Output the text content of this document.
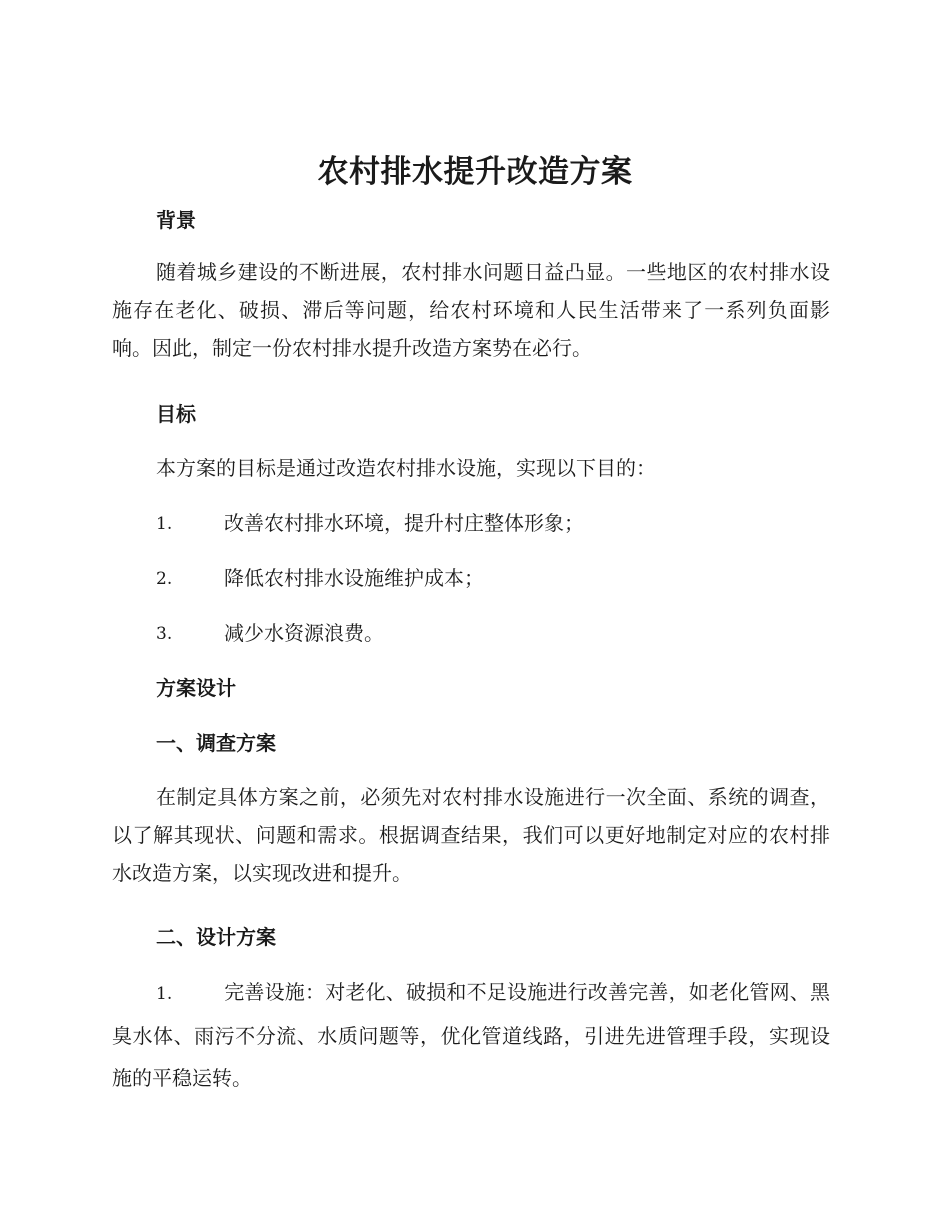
农村排水提升改造方案
背景
随着城乡建设的不断进展，农村排水问题日益凸显。一些地区的农村排水设施存在老化、破损、滞后等问题，给农村环境和人民生活带来了一系列负面影响。因此，制定一份农村排水提升改造方案势在必行。
目标
本方案的目标是通过改造农村排水设施，实现以下目的：
1.	改善农村排水环境，提升村庄整体形象；
2.	降低农村排水设施维护成本；
3.	减少水资源浪费。
方案设计
一、调查方案
在制定具体方案之前，必须先对农村排水设施进行一次全面、系统的调查，以了解其现状、问题和需求。根据调查结果，我们可以更好地制定对应的农村排水改造方案，以实现改进和提升。
二、设计方案
1.	完善设施：对老化、破损和不足设施进行改善完善，如老化管网、黑臭水体、雨污不分流、水质问题等，优化管道线路，引进先进管理手段，实现设施的平稳运转。
